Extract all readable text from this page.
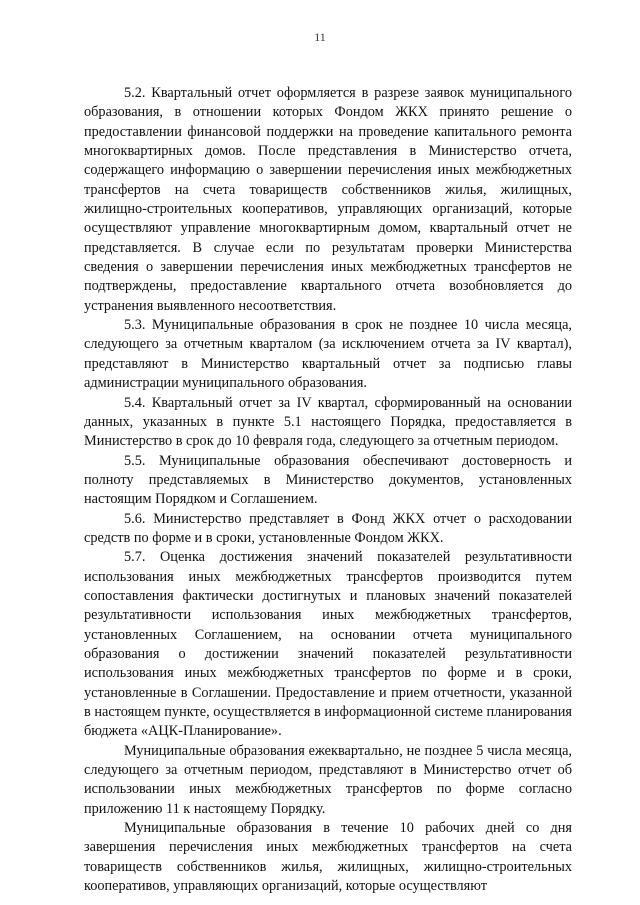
11

5.2. Квартальный отчет оформляется в разрезе заявок муниципального образования, в отношении которых Фондом ЖКХ принято решение о предоставлении финансовой поддержки на проведение капитального ремонта многоквартирных домов. После представления в Министерство отчета, содержащего информацию о завершении перечисления иных межбюджетных трансфертов на счета товариществ собственников жилья, жилищных, жилищно-строительных кооперативов, управляющих организаций, которые осуществляют управление многоквартирным домом, квартальный отчет не представляется. В случае если по результатам проверки Министерства сведения о завершении перечисления иных межбюджетных трансфертов не подтверждены, предоставление квартального отчета возобновляется до устранения выявленного несоответствия.

5.3. Муниципальные образования в срок не позднее 10 числа месяца, следующего за отчетным кварталом (за исключением отчета за IV квартал), представляют в Министерство квартальный отчет за подписью главы администрации муниципального образования.

5.4. Квартальный отчет за IV квартал, сформированный на основании данных, указанных в пункте 5.1 настоящего Порядка, предоставляется в Министерство в срок до 10 февраля года, следующего за отчетным периодом.

5.5. Муниципальные образования обеспечивают достоверность и полноту представляемых в Министерство документов, установленных настоящим Порядком и Соглашением.

5.6. Министерство представляет в Фонд ЖКХ отчет о расходовании средств по форме и в сроки, установленные Фондом ЖКХ.

5.7. Оценка достижения значений показателей результативности использования иных межбюджетных трансфертов производится путем сопоставления фактически достигнутых и плановых значений показателей результативности использования иных межбюджетных трансфертов, установленных Соглашением, на основании отчета муниципального образования о достижении значений показателей результативности использования иных межбюджетных трансфертов по форме и в сроки, установленные в Соглашении. Предоставление и прием отчетности, указанной в настоящем пункте, осуществляется в информационной системе планирования бюджета «АЦК-Планирование».

Муниципальные образования ежеквартально, не позднее 5 числа месяца, следующего за отчетным периодом, представляют в Министерство отчет об использовании иных межбюджетных трансфертов по форме согласно приложению 11 к настоящему Порядку.

Муниципальные образования в течение 10 рабочих дней со дня завершения перечисления иных межбюджетных трансфертов на счета товариществ собственников жилья, жилищных, жилищно-строительных кооперативов, управляющих организаций, которые осуществляют
